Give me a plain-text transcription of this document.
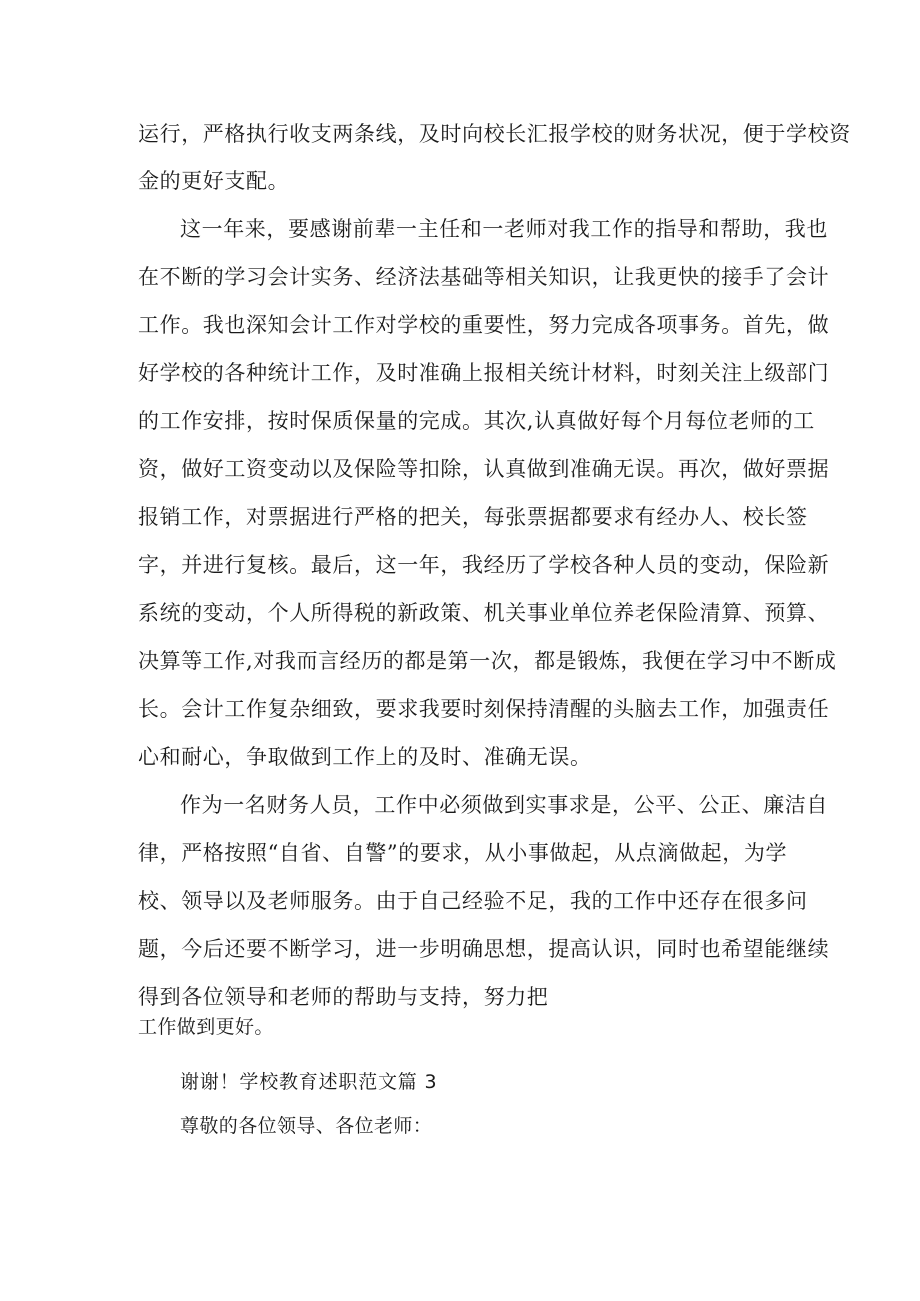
运行，严格执行收支两条线，及时向校长汇报学校的财务状况，便于学校资
金的更好支配。
这一年来，要感谢前辈一主任和一老师对我工作的指导和帮助，我也
在不断的学习会计实务、经济法基础等相关知识，让我更快的接手了会计
工作。我也深知会计工作对学校的重要性，努力完成各项事务。首先，做
好学校的各种统计工作，及时准确上报相关统计材料，时刻关注上级部门
的工作安排，按时保质保量的完成。其次,认真做好每个月每位老师的工
资，做好工资变动以及保险等扣除，认真做到准确无误。再次，做好票据
报销工作，对票据进行严格的把关，每张票据都要求有经办人、校长签
字，并进行复核。最后，这一年，我经历了学校各种人员的变动，保险新
系统的变动，个人所得税的新政策、机关事业单位养老保险清算、预算、
决算等工作,对我而言经历的都是第一次，都是锻炼，我便在学习中不断成
长。会计工作复杂细致，要求我要时刻保持清醒的头脑去工作，加强责任
心和耐心，争取做到工作上的及时、准确无误。
作为一名财务人员，工作中必须做到实事求是，公平、公正、廉洁自
律，严格按照“自省、自警”的要求，从小事做起，从点滴做起，为学
校、领导以及老师服务。由于自己经验不足，我的工作中还存在很多问
题，今后还要不断学习，进一步明确思想，提高认识，同时也希望能继续
得到各位领导和老师的帮助与支持，努力把
工作做到更好。
谢谢！学校教育述职范文篇 3
尊敬的各位领导、各位老师：
